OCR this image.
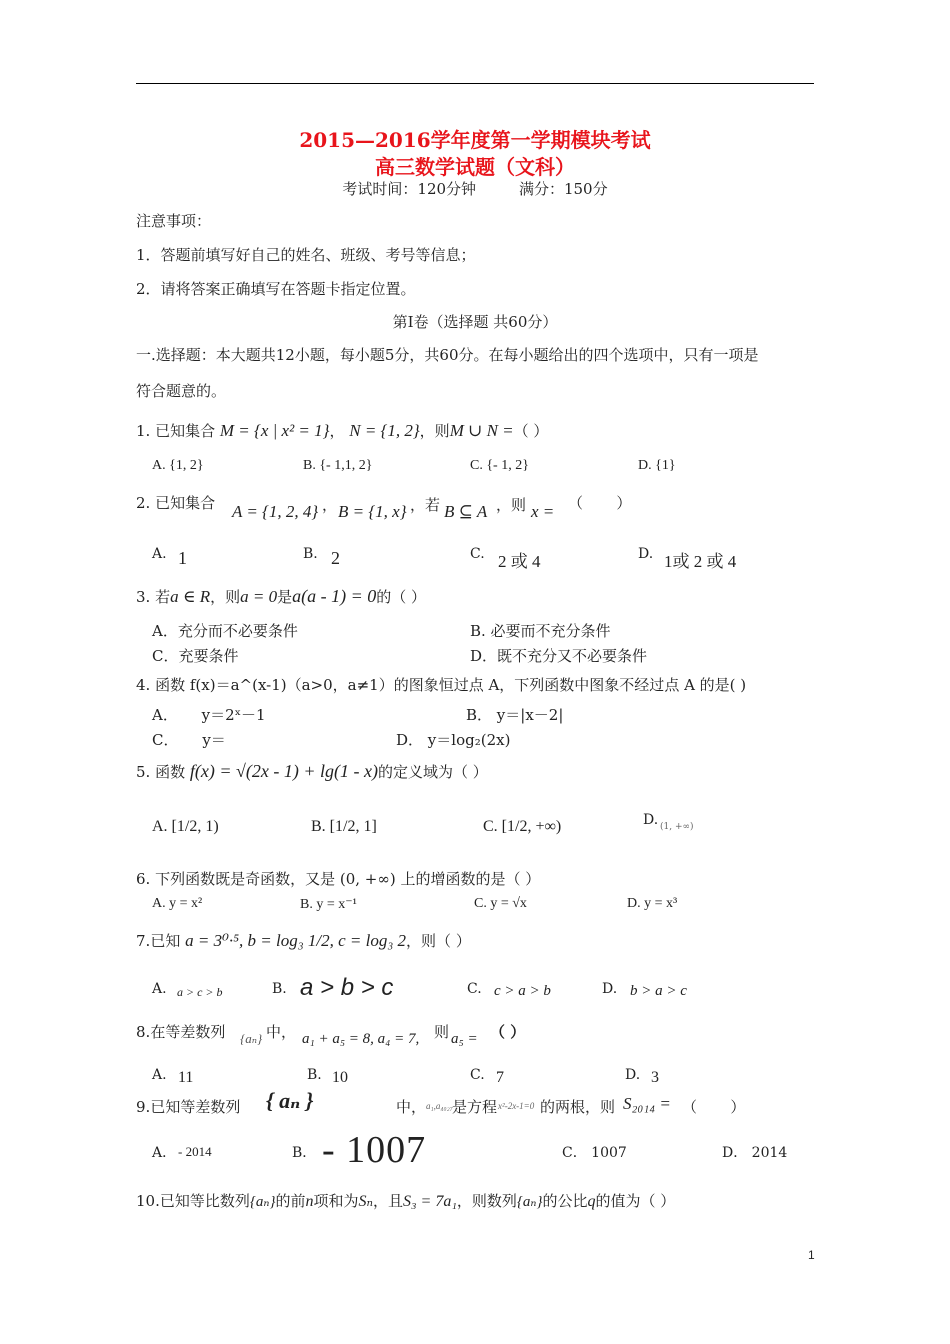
2015—2016学年度第一学期模块考试
高三数学试题（文科）
考试时间：120分钟         满分：150分
注意事项：
1．答题前填写好自己的姓名、班级、考号等信息；
2．请将答案正确填写在答题卡指定位置。
第Ⅰ卷（选择题 共60分）
一.选择题：本大题共12小题，每小题5分，共60分。在每小题给出的四个选项中，只有一项是
符合题意的。
1. 已知集合 M = {x | x² = 1}， N = {1, 2}，则M ∪ N =（ ）
A. {1, 2}	B. {- 1,1, 2}	C. {- 1, 2}	D. {1}
2. 已知集合 A = {1, 2, 4} ， B = {1, x} ，若 B ⊆ A ，则 x = （       ）
A. 1	B. 2	C. 2 或 4	D. 1或 2 或 4
3. 若a ∈ R，则a = 0是a(a - 1) = 0的（ ）
A．充分而不必要条件	B. 必要而不充分条件
C．充要条件	D．既不充分又不必要条件
4. 函数 f(x)＝a^(x-1)（a>0，a≠1）的图象恒过点 A，下列函数中图象不经过点 A 的是( )
A．     y＝2ˣ－1	B． y＝|x－2|
C．     y＝	D． y＝log₂(2x)
5. 函数 f(x) = √(2x - 1) + lg(1 - x)的定义域为（ ）
A. [1/2, 1)	B. [1/2, 1]	C. [1/2, +∞)	D. (1, +∞)
6. 下列函数既是奇函数，又是 (0, +∞) 上的增函数的是（ ）
A. y = x²	B. y = x⁻¹	C. y = √x	D. y = x³
7.已知 a = 3⁰·⁵, b = log₃ 1/2, c = log₃ 2，则（ ）
A. a > c > b	B. a > b > c	C. c > a > b	D. b > a > c
8.在等差数列 {aₙ} 中， a₁ + a₅ = 8, a₄ = 7, 则 a₅ = （ ）
A. 11	B. 10	C. 7	D. 3
9.已知等差数列 { aₙ }	中， a₁,a₄₀₂₇ 是方程 x²-2x-1=0 的两根，则 S₂₀₁₄ = （       ）
A． - 2014	B． - 1007	C． 1007	D． 2014
10.已知等比数列{aₙ}的前n项和为Sₙ，且S₃ = 7a₁，则数列{aₙ}的公比q的值为（ ）
1
